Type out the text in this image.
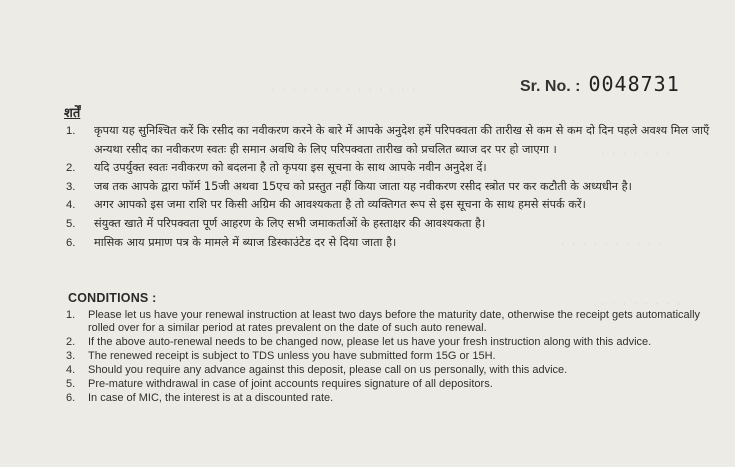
· · · · · · · · · · · · · ·
· · · · · · ·
· · · · · · · · · ·
· · · · · · · ·
Sr. No. : 0048731
शर्तें
1.	कृपया यह सुनिश्चित करें कि रसीद का नवीकरण करने के बारे में आपके अनुदेश हमें परिपक्वता की तारीख से कम से कम दो दिन पहले अवश्य मिल जाएँ अन्यथा रसीद का नवीकरण स्वतः ही समान अवधि के लिए परिपक्वता तारीख को प्रचलित ब्याज दर पर हो जाएगा ।
2.	यदि उपर्युक्त स्वतः नवीकरण को बदलना है तो कृपया इस सूचना के साथ आपके नवीन अनुदेश दें।
3.	जब तक आपके द्वारा फॉर्म 15जी अथवा 15एच को प्रस्तुत नहीं किया जाता यह नवीकरण रसीद स्त्रोत पर कर कटौती के अध्यधीन है।
4.	अगर आपको इस जमा राशि पर किसी अग्रिम की आवश्यकता है तो व्यक्तिगत रूप से इस सूचना के साथ हमसे संपर्क करें।
5.	संयुक्त खाते में परिपक्वता पूर्ण आहरण के लिए सभी जमाकर्ताओं के हस्ताक्षर की आवश्यकता है।
6.	मासिक आय प्रमाण पत्र के मामले में ब्याज डिस्काउंटेड दर से दिया जाता है।
CONDITIONS :
1.	Please let us have your renewal instruction at least two days before the maturity date, otherwise the receipt gets automatically rolled over for a similar period at rates prevalent on the date of such auto renewal.
2.	If the above auto-renewal needs to be changed now, please let us have your fresh instruction along with this advice.
3.	The renewed receipt is subject to TDS unless you have submitted form 15G or 15H.
4.	Should you require any advance against this deposit, please call on us personally, with this advice.
5.	Pre-mature withdrawal in case of joint accounts requires signature of all depositors.
6.	In case of MIC, the interest is at a discounted rate.
